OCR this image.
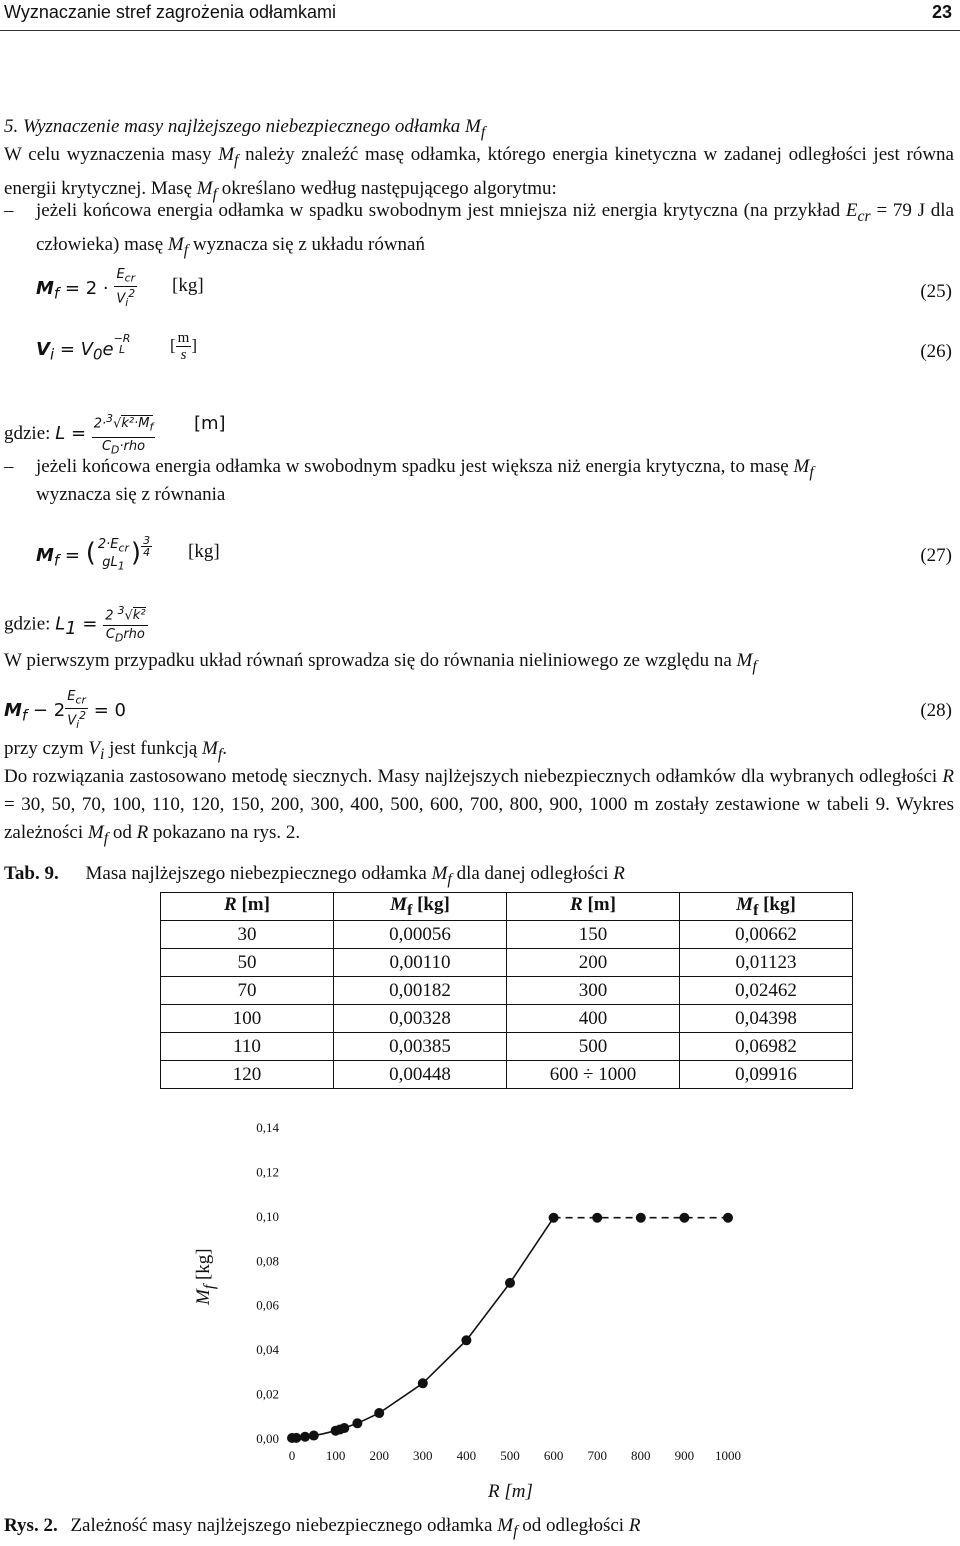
Wyznaczanie stref zagrożenia odłamkami	23
5. Wyznaczenie masy najlżejszego niebezpiecznego odłamka $M_f$
W celu wyznaczenia masy $M_f$ należy znaleźć masę odłamka, którego energia kinetyczna w zadanej odległości jest równa energii krytycznej. Masę $M_f$ określano według następującego algorytmu:
– jeżeli końcowa energia odłamka w spadku swobodnym jest mniejsza niż energia krytyczna (na przykład $E_{cr} = 79$ J dla człowieka) masę $M_f$ wyznacza się z układu równań
$M_f = 2 \cdot \frac{E_{cr}}{V_i^2} [kg]$	(25)
$V_i = V_0e$
−R
L	[ $\frac{m}{s}$ ]	(26)
gdzie: $L = \frac{2\cdot^3√k^2\cdot M_f}{C_D\cdot rho} [m]$
– jeżeli końcowa energia odłamka w swobodnym spadku jest większa niż energia krytyczna, to masę $M_f$
wyznacza się z równania
$M_f$ = ( $2\cdot E_{cr}$
$gL_1$ ) $\frac{3}{4} [kg]$	(27)
gdzie: $L_1 = \frac{2 ^3√k^2}{C_Drho}$
W pierwszym przypadku układ równań sprowadza się do równania nieliniowego ze względu na $M_f$
$M_f - 2 \frac{E_{cr}}{V_i^2} = 0$	(28)
przy czym $V_i$ jest funkcją $M_f$.
Do rozwiązania zastosowano metodę siecznych. Masy najlżejszych niebezpiecznych odłamków dla wybranych odległości R = 30, 50, 70, 100, 110, 120, 150, 200, 300, 400, 500, 600, 700, 800, 900, 1000 m zostały zestawione w tabeli 9. Wykres zależności $M_f$ od R pokazano na rys. 2.
Tab. 9. Masa najlżejszego niebezpiecznego odłamka $M_f$ dla danej odległości R
R [m]	$M_f$ [kg]	R [m]	$M_f$ [kg]
30	0,00056	150	0,00662
50	0,00110	200	0,01123
70	0,00182	300	0,02462
100	0,00328	400	0,04398
110	0,00385	500	0,06982
120	0,00448	600 ÷ 1000	0,09916
0,00
0,02
0,04
0,06
0,08
0,10
0,12
0,14
0 100 200 300 400 500 600 700 800 900 1000
R [m]
$M_f$ [kg]
Rys. 2. Zależność masy najlżejszego niebezpiecznego odłamka $M_f$ od odległości R
